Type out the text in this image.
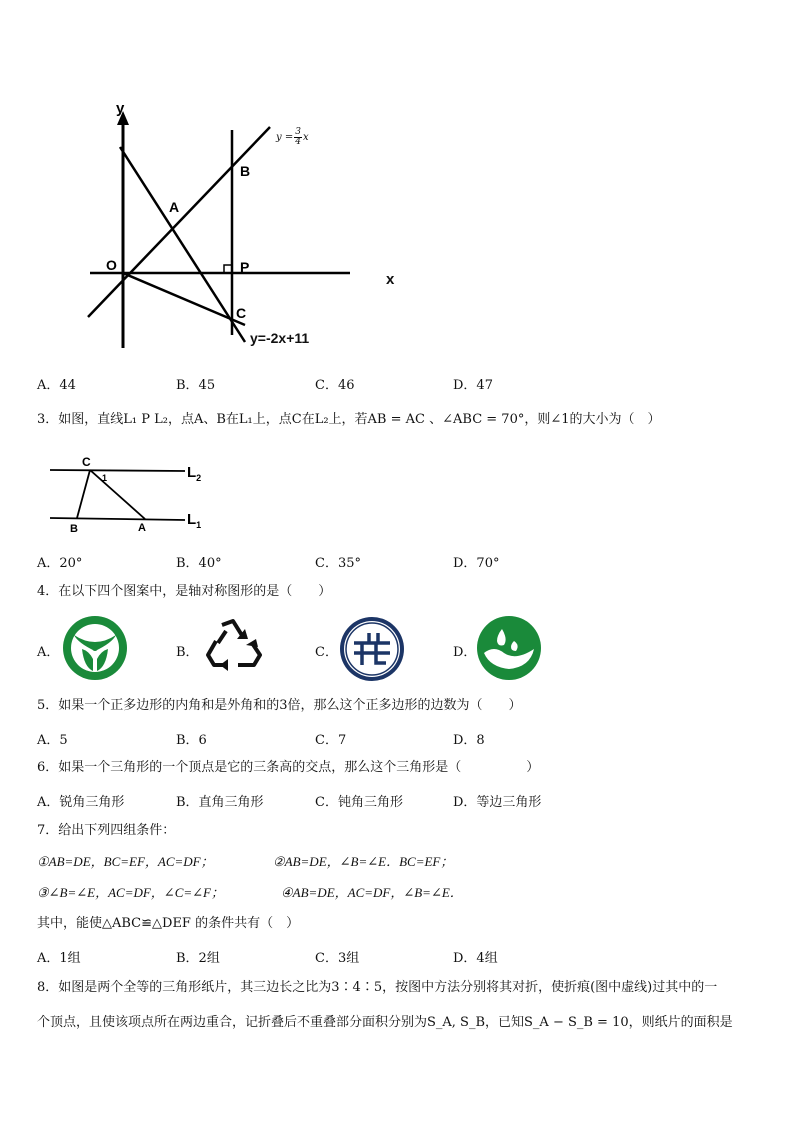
y
O
A
B
P
C
x
$y = \frac{3}{4}$ x
y=-2x+11
A．44	B．45	C．46	D．47
3．如图，直线L₁ P L₂，点A、B在L₁上，点C在L₂上，若AB = AC 、∠ABC = 70°，则∠1的大小为（　）
C
1	$L_2$
$L_1$
B	A
A．20°	B．40°	C．35°	D．70°
4．在以下四个图案中，是轴对称图形的是（　　）
A．	B．	C．	D．
5．如果一个正多边形的内角和是外角和的3倍，那么这个正多边形的边数为（　　）
A．5	B．6	C．7	D．8
6．如果一个三角形的一个顶点是它的三条高的交点，那么这个三角形是（　　　　　）
A．锐角三角形	B．直角三角形	C．钝角三角形	D．等边三角形
7．给出下列四组条件：
①AB=DE，BC=EF，AC=DF；	②AB=DE，∠B=∠E．BC=EF；
③∠B=∠E，AC=DF，∠C=∠F；	④AB=DE，AC=DF，∠B=∠E．
其中，能使△ABC≌△DEF 的条件共有（　）
A．1组	B．2组	C．3组	D．4组
8．如图是两个全等的三角形纸片，其三边长之比为3∶4∶5，按图中方法分别将其对折，使折痕(图中虚线)过其中的一
个顶点，且使该项点所在两边重合，记折叠后不重叠部分面积分别为S_A, S_B，已知S_A − S_B = 10，则纸片的面积是
